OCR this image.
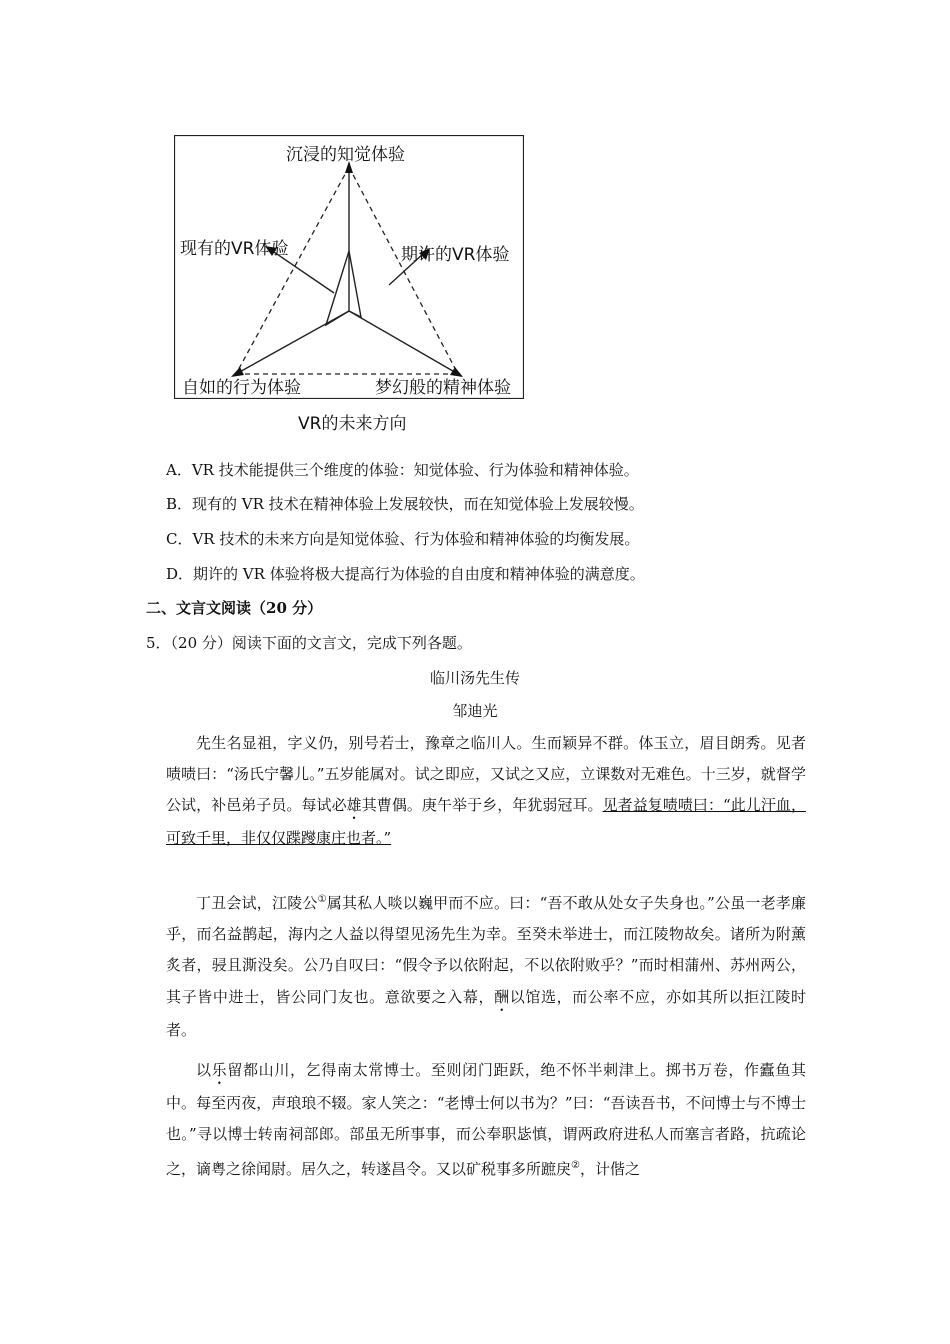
沉浸的知觉体验
现有的VR体验	期许的VR体验
自如的行为体验	梦幻般的精神体验
VR的未来方向
A．VR 技术能提供三个维度的体验：知觉体验、行为体验和精神体验。
B．现有的 VR 技术在精神体验上发展较快，而在知觉体验上发展较慢。
C．VR 技术的未来方向是知觉体验、行为体验和精神体验的均衡发展。
D．期许的 VR 体验将极大提高行为体验的自由度和精神体验的满意度。
二、文言文阅读（20 分）
5．（20 分）阅读下面的文言文，完成下列各题。
临川汤先生传
邹迪光

先生名显祖，字义仍，别号若士，豫章之临川人。生而颖异不群。体玉立，眉目朗秀。见者啧啧曰：“汤氏宁馨儿。”五岁能属对。试之即应，又试之又应，立课数对无难色。十三岁，就督学公试，补邑弟子员。每试必雄其曹偶。庚午举于乡，年犹弱冠耳。见者益复啧啧曰：“此儿汗血，可致千里，非仅仅蹀躞康庄也者。”

丁丑会试，江陵公①属其私人啖以巍甲而不应。曰：“吾不敢从处女子失身也。”公虽一老孝廉乎，而名益鹊起，海内之人益以得望见汤先生为幸。至癸未举进士，而江陵物故矣。诸所为附薰炙者，骎且澌没矣。公乃自叹曰：“假令予以依附起，不以依附败乎？”而时相蒲州、苏州两公，其子皆中进士，皆公同门友也。意欲要之入幕，酬以馆选，而公率不应，亦如其所以拒江陵时者。

以乐留都山川，乞得南太常博士。至则闭门距跃，绝不怀半刺津上。掷书万卷，作蠹鱼其中。每至丙夜，声琅琅不辍。家人笑之：“老博士何以书为？”曰：“吾读吾书，不问博士与不博士也。”寻以博士转南祠部郎。部虽无所事事，而公奉职毖慎，谓两政府进私人而塞言者路，抗疏论之，谪粤之徐闻尉。居久之，转遂昌令。又以矿税事多所蹠戾②，计偕之
